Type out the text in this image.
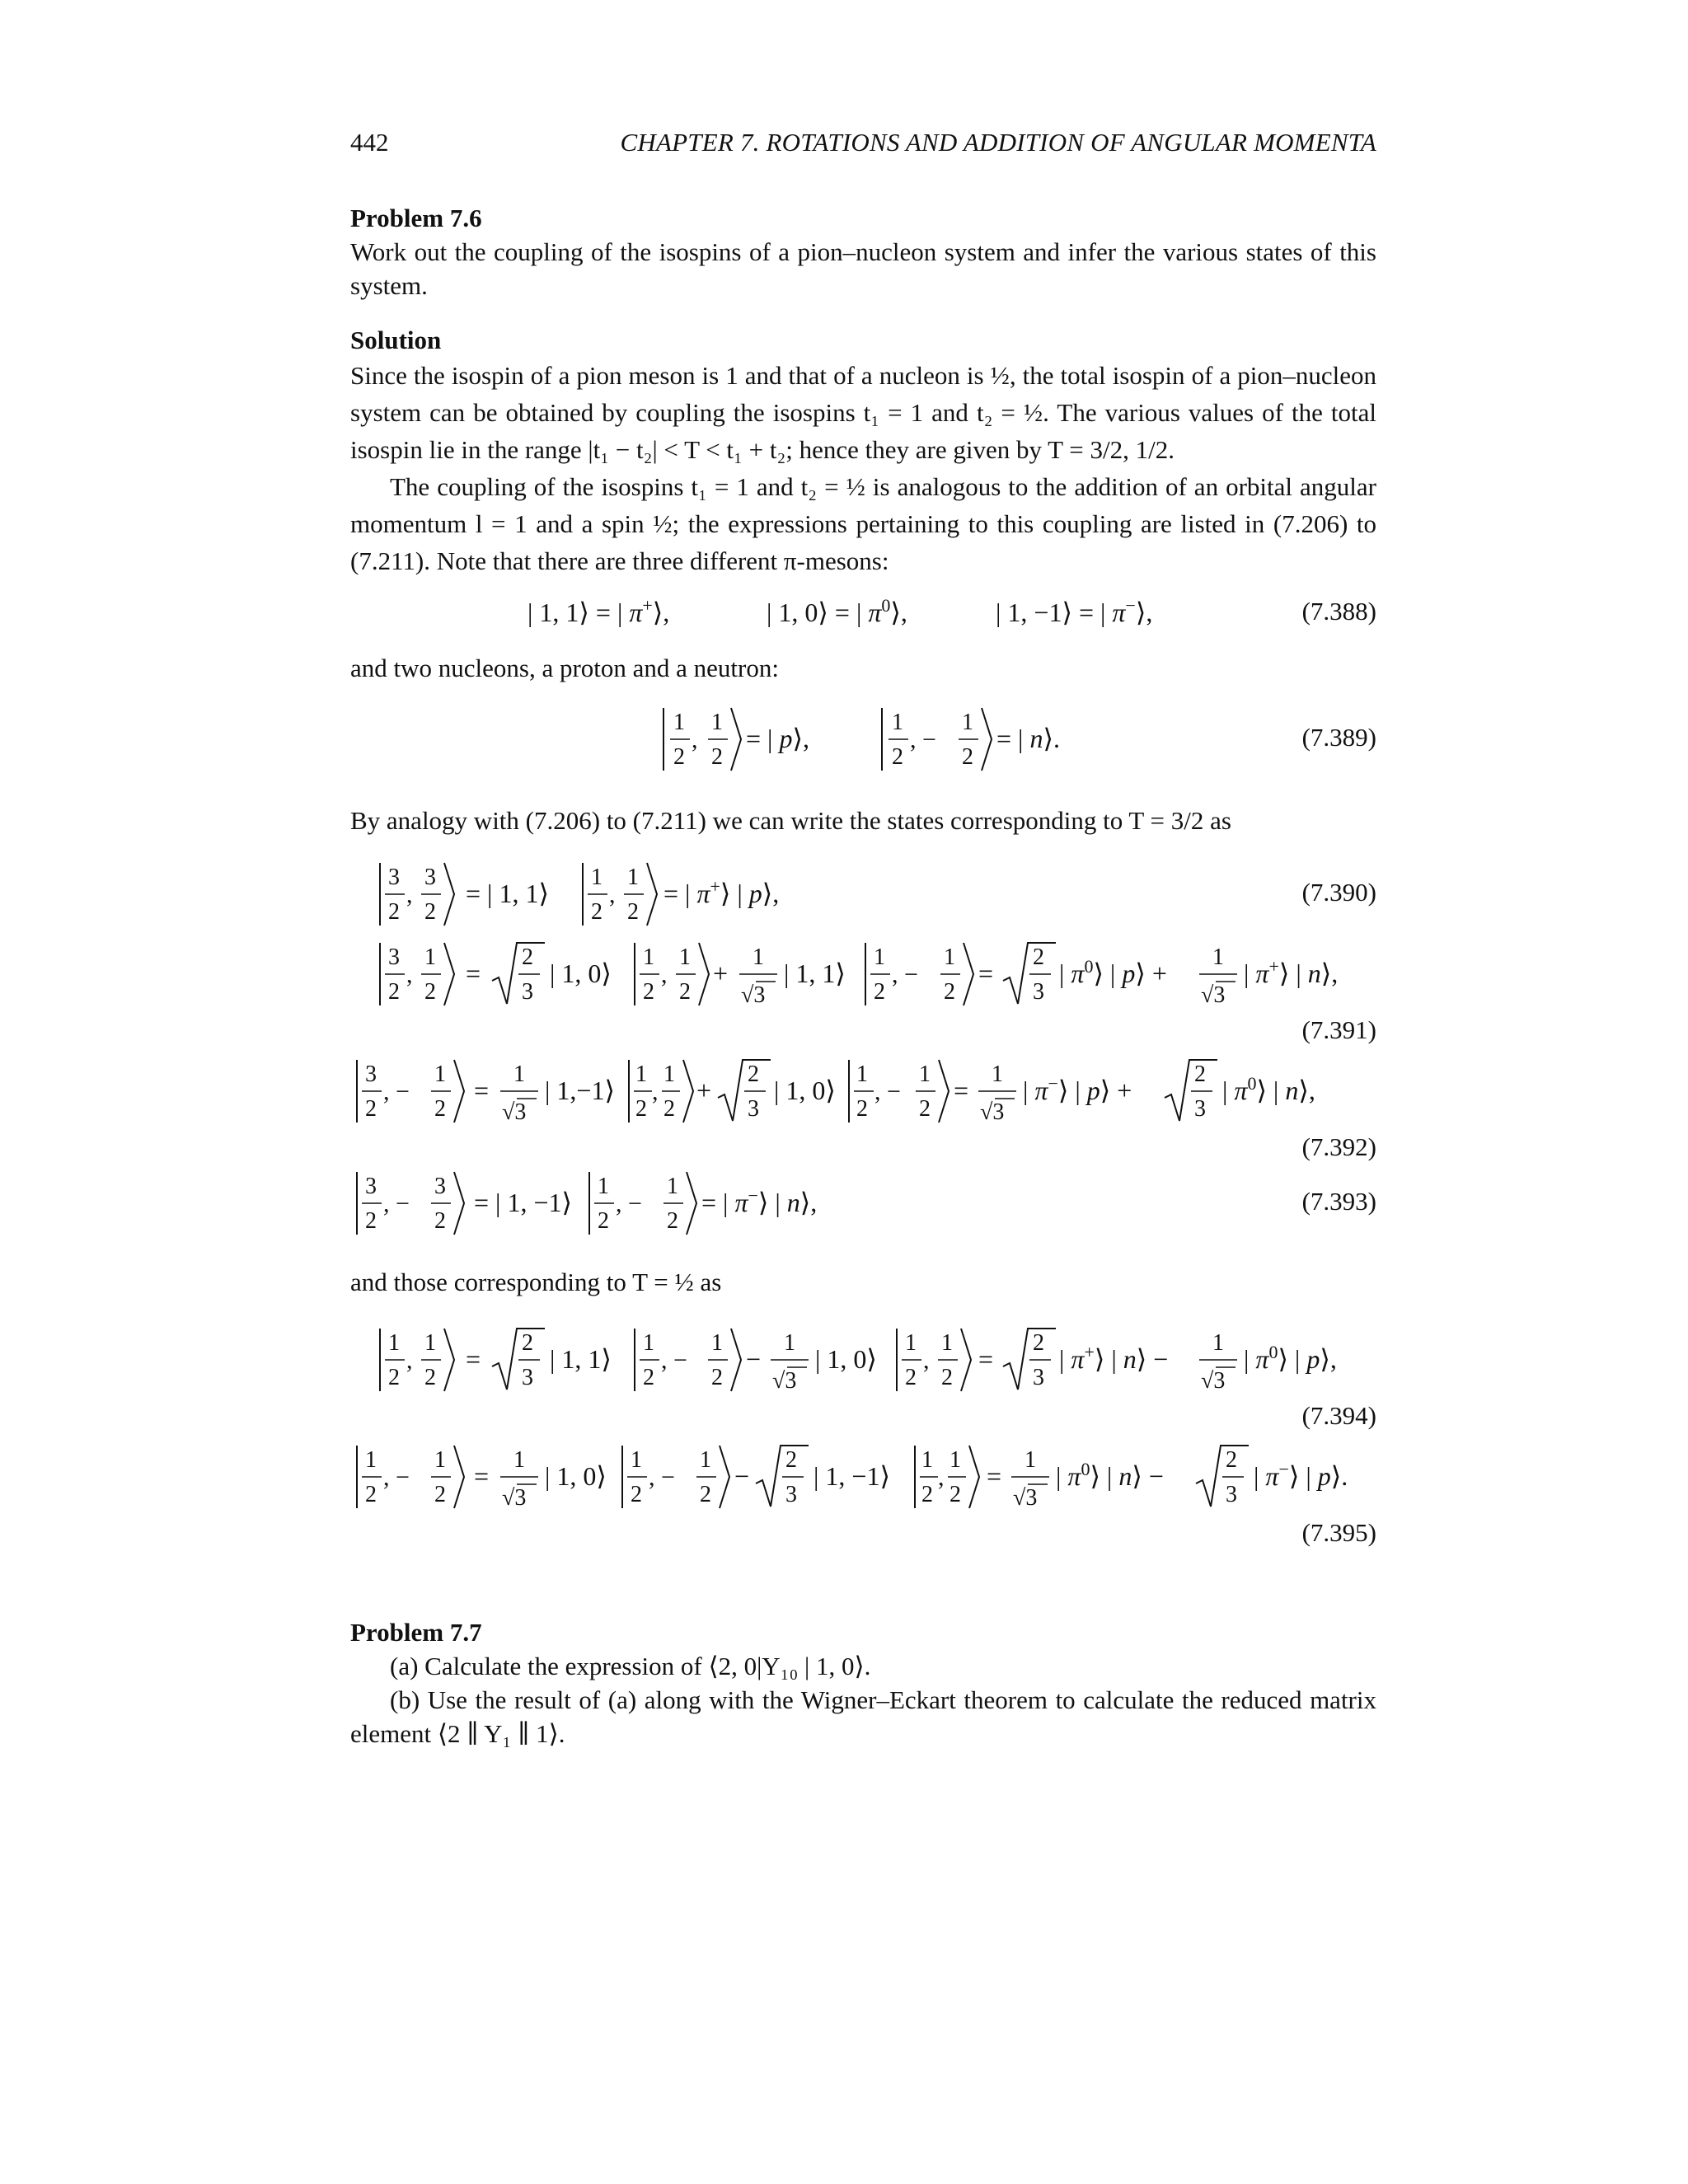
442	CHAPTER 7. ROTATIONS AND ADDITION OF ANGULAR MOMENTA
Problem 7.6
Work out the coupling of the isospins of a pion–nucleon system and infer the various states of this system.
Solution
Since the isospin of a pion meson is 1 and that of a nucleon is ½, the total isospin of a pion–nucleon system can be obtained by coupling the isospins t₁ = 1 and t₂ = ½. The various values of the total isospin lie in the range |t₁ − t₂| < T < t₁ + t₂; hence they are given by T = 3/2, 1/2.
The coupling of the isospins t₁ = 1 and t₂ = ½ is analogous to the addition of an orbital angular momentum l = 1 and a spin ½; the expressions pertaining to this coupling are listed in (7.206) to (7.211). Note that there are three different π-mesons:
| 1, 1⟩ = | π+⟩,	| 1, 0⟩ = | $\pi^0⟩$,	| 1, −1⟩ = | π−⟩,	(7.388)
and two nucleons, a proton and a neutron:
1
2
,
1
2
= | p⟩,
1
2
, −
1
2
= | n⟩.	(7.389)
By analogy with (7.206) to (7.211) we can write the states corresponding to T = 3/2 as
3
2
,
3
2
= | 1, 1⟩
1
2
,
1
2
= | π+⟩ | p⟩,	(7.390)
3
2
,
1
2
=
2
3
| 1, 0⟩
1
2
,
1
2
+
1
√3
| 1, 1⟩
1
2
, −
1
2
=
2
3
| $\pi^0⟩$ | p⟩ +
1
√3
| π+⟩ | n⟩,
(7.391)
3
2
, −
1
2
=
1
√3
| 1,−1⟩
1
2
,
1
2
+
2
3
| 1, 0⟩
1
2
, −
1
2
=
1
√3
| π−⟩ | p⟩ +
2
3
| $\pi^0⟩$ | n⟩,
(7.392)
3
2
, −
3
2
= | 1, −1⟩
1
2
, −
1
2
= | π−⟩ | n⟩,	(7.393)
and those corresponding to T = ½ as
1
2
,
1
2
=
2
3
| 1, 1⟩
1
2
, −
1
2
−
1
√3
| 1, 0⟩
1
2
,
1
2
=
2
3
| π+⟩ | n⟩ −
1
√3
| $\pi^0⟩$ | p⟩,
(7.394)
1
2
, −
1
2
=
1
√3
| 1, 0⟩
1
2
, −
1
2
−
2
3
| 1, −1⟩
1
2
,
1
2
=
1
√3
| $\pi^0⟩$ | n⟩ −
2
3
| π−⟩ | p⟩.
(7.395)
Problem 7.7
(a) Calculate the expression of ⟨2, 0|Y₁₀ | 1, 0⟩.
(b) Use the result of (a) along with the Wigner–Eckart theorem to calculate the reduced matrix element ⟨2 ∥ Y₁ ∥ 1⟩.
